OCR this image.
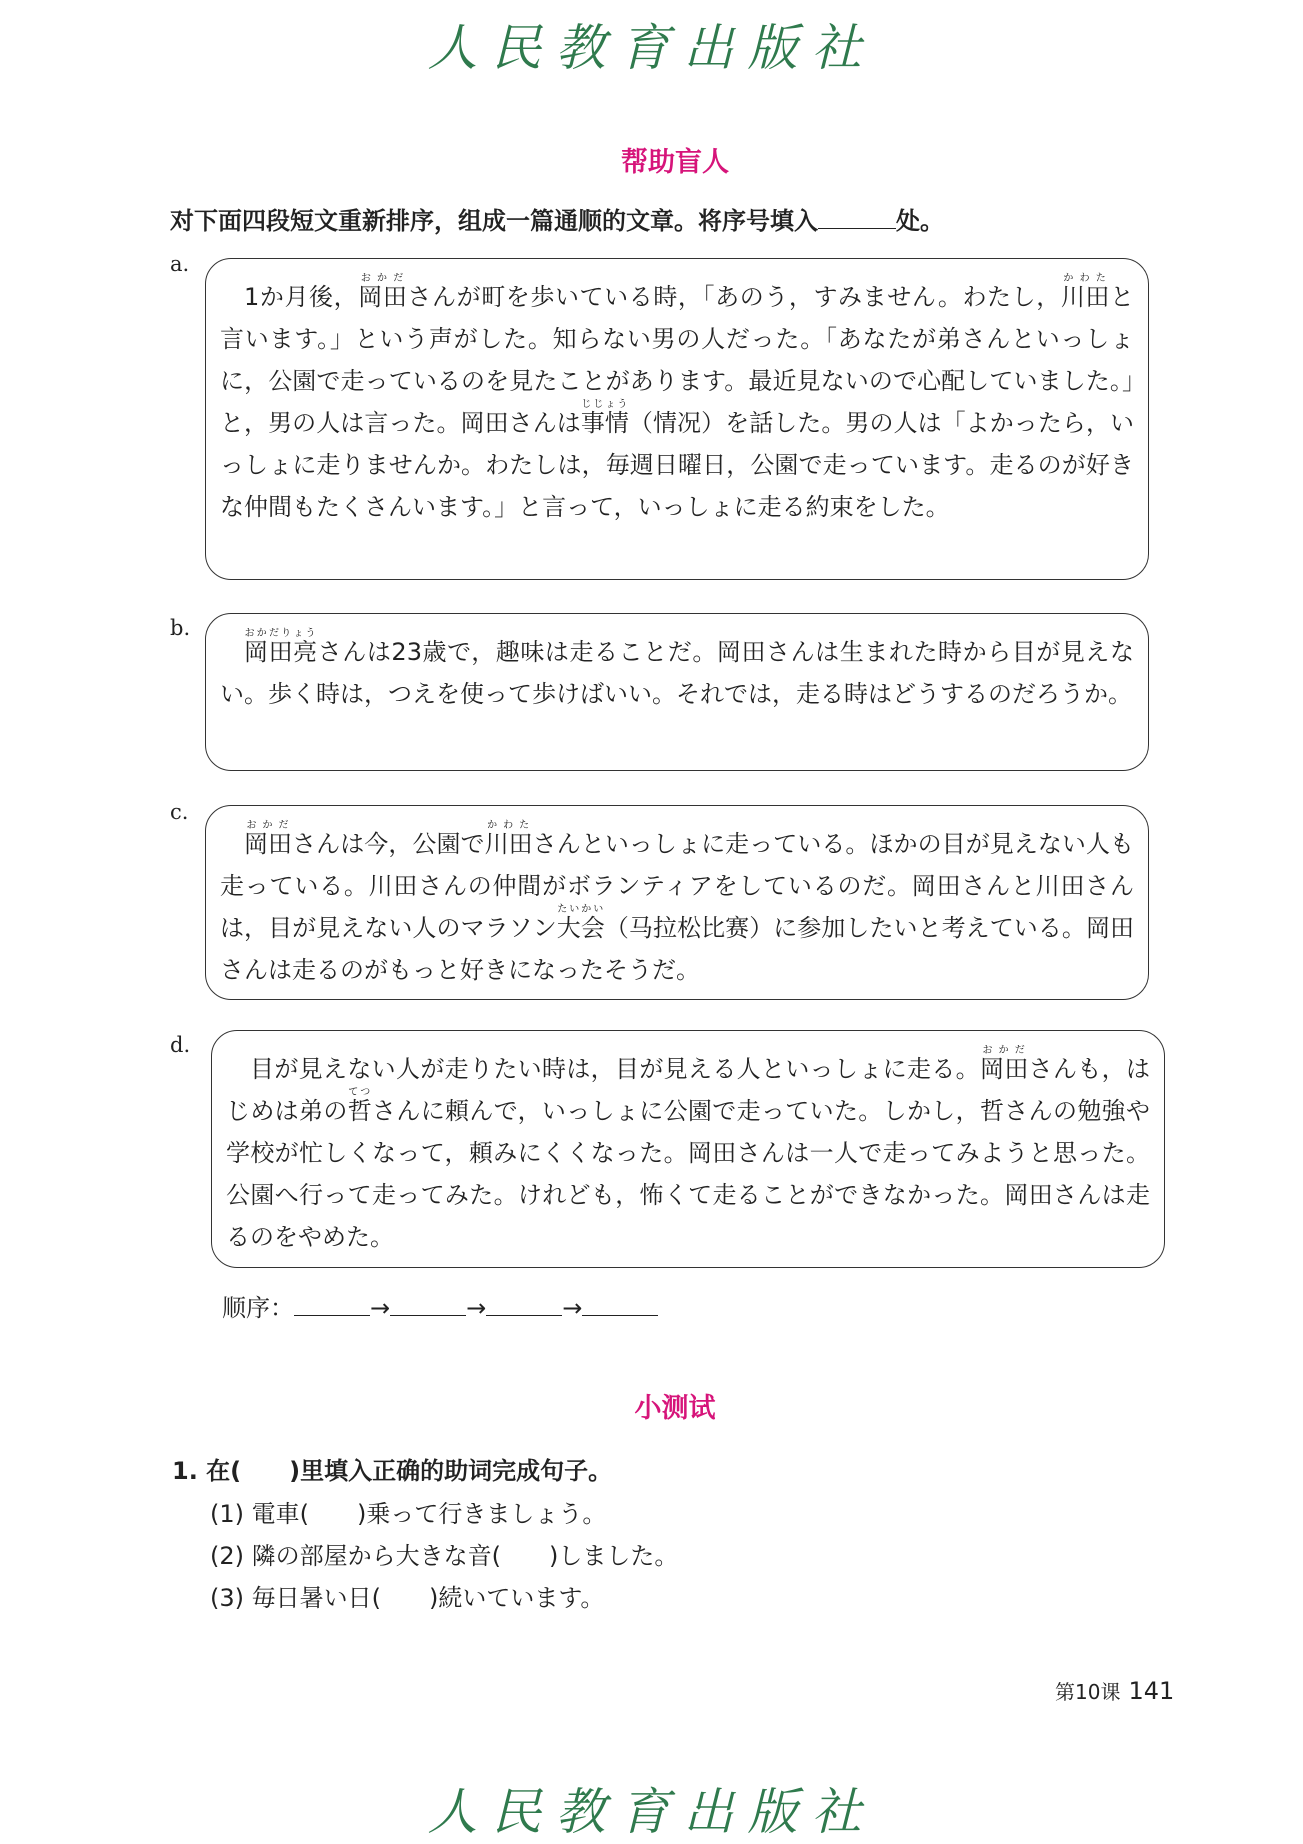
人民教育出版社
帮助盲人
对下面四段短文重新排序，组成一篇通顺的文章。将序号填入	处。
a.

1か月後，岡田おかださんが町を歩いている時，「あのう，すみません。わたし，川田かわたと言います。」という声がした。知らない男の人だった。「あなたが弟さんといっしょに，公園で走っているのを見たことがあります。最近見ないので心配していました。」と，男の人は言った。岡田さんは事情じじょう（情况）を話した。男の人は「よかったら，いっしょに走りませんか。わたしは，毎週日曜日，公園で走っています。走るのが好きな仲間もたくさんいます。」と言って，いっしょに走る約束をした。

b.

岡田亮おかだりょうさんは23歳で，趣味は走ることだ。岡田さんは生まれた時から目が見えない。歩く時は，つえを使って歩けばいい。それでは，走る時はどうするのだろうか。

c.

岡田おかださんは今，公園で川田かわたさんといっしょに走っている。ほかの目が見えない人も走っている。川田さんの仲間がボランティアをしているのだ。岡田さんと川田さんは，目が見えない人のマラソン大会たいかい（马拉松比赛）に参加したいと考えている。岡田さんは走るのがもっと好きになったそうだ。

d.

目が見えない人が走りたい時は，目が見える人といっしょに走る。岡田おかださんも，はじめは弟の哲てつさんに頼んで，いっしょに公園で走っていた。しかし，哲さんの勉強や学校が忙しくなって，頼みにくくなった。岡田さんは一人で走ってみようと思った。公園へ行って走ってみた。けれども，怖くて走ることができなかった。岡田さんは走るのをやめた。

顺序：	→	→	→
小测试
1. 在(　　)里填入正确的助词完成句子。
(1) 電車(　　)乗って行きましょう。
(2) 隣の部屋から大きな音(　　)しました。
(3) 毎日暑い日(　　)続いています。
第10课 141
人民教育出版社
